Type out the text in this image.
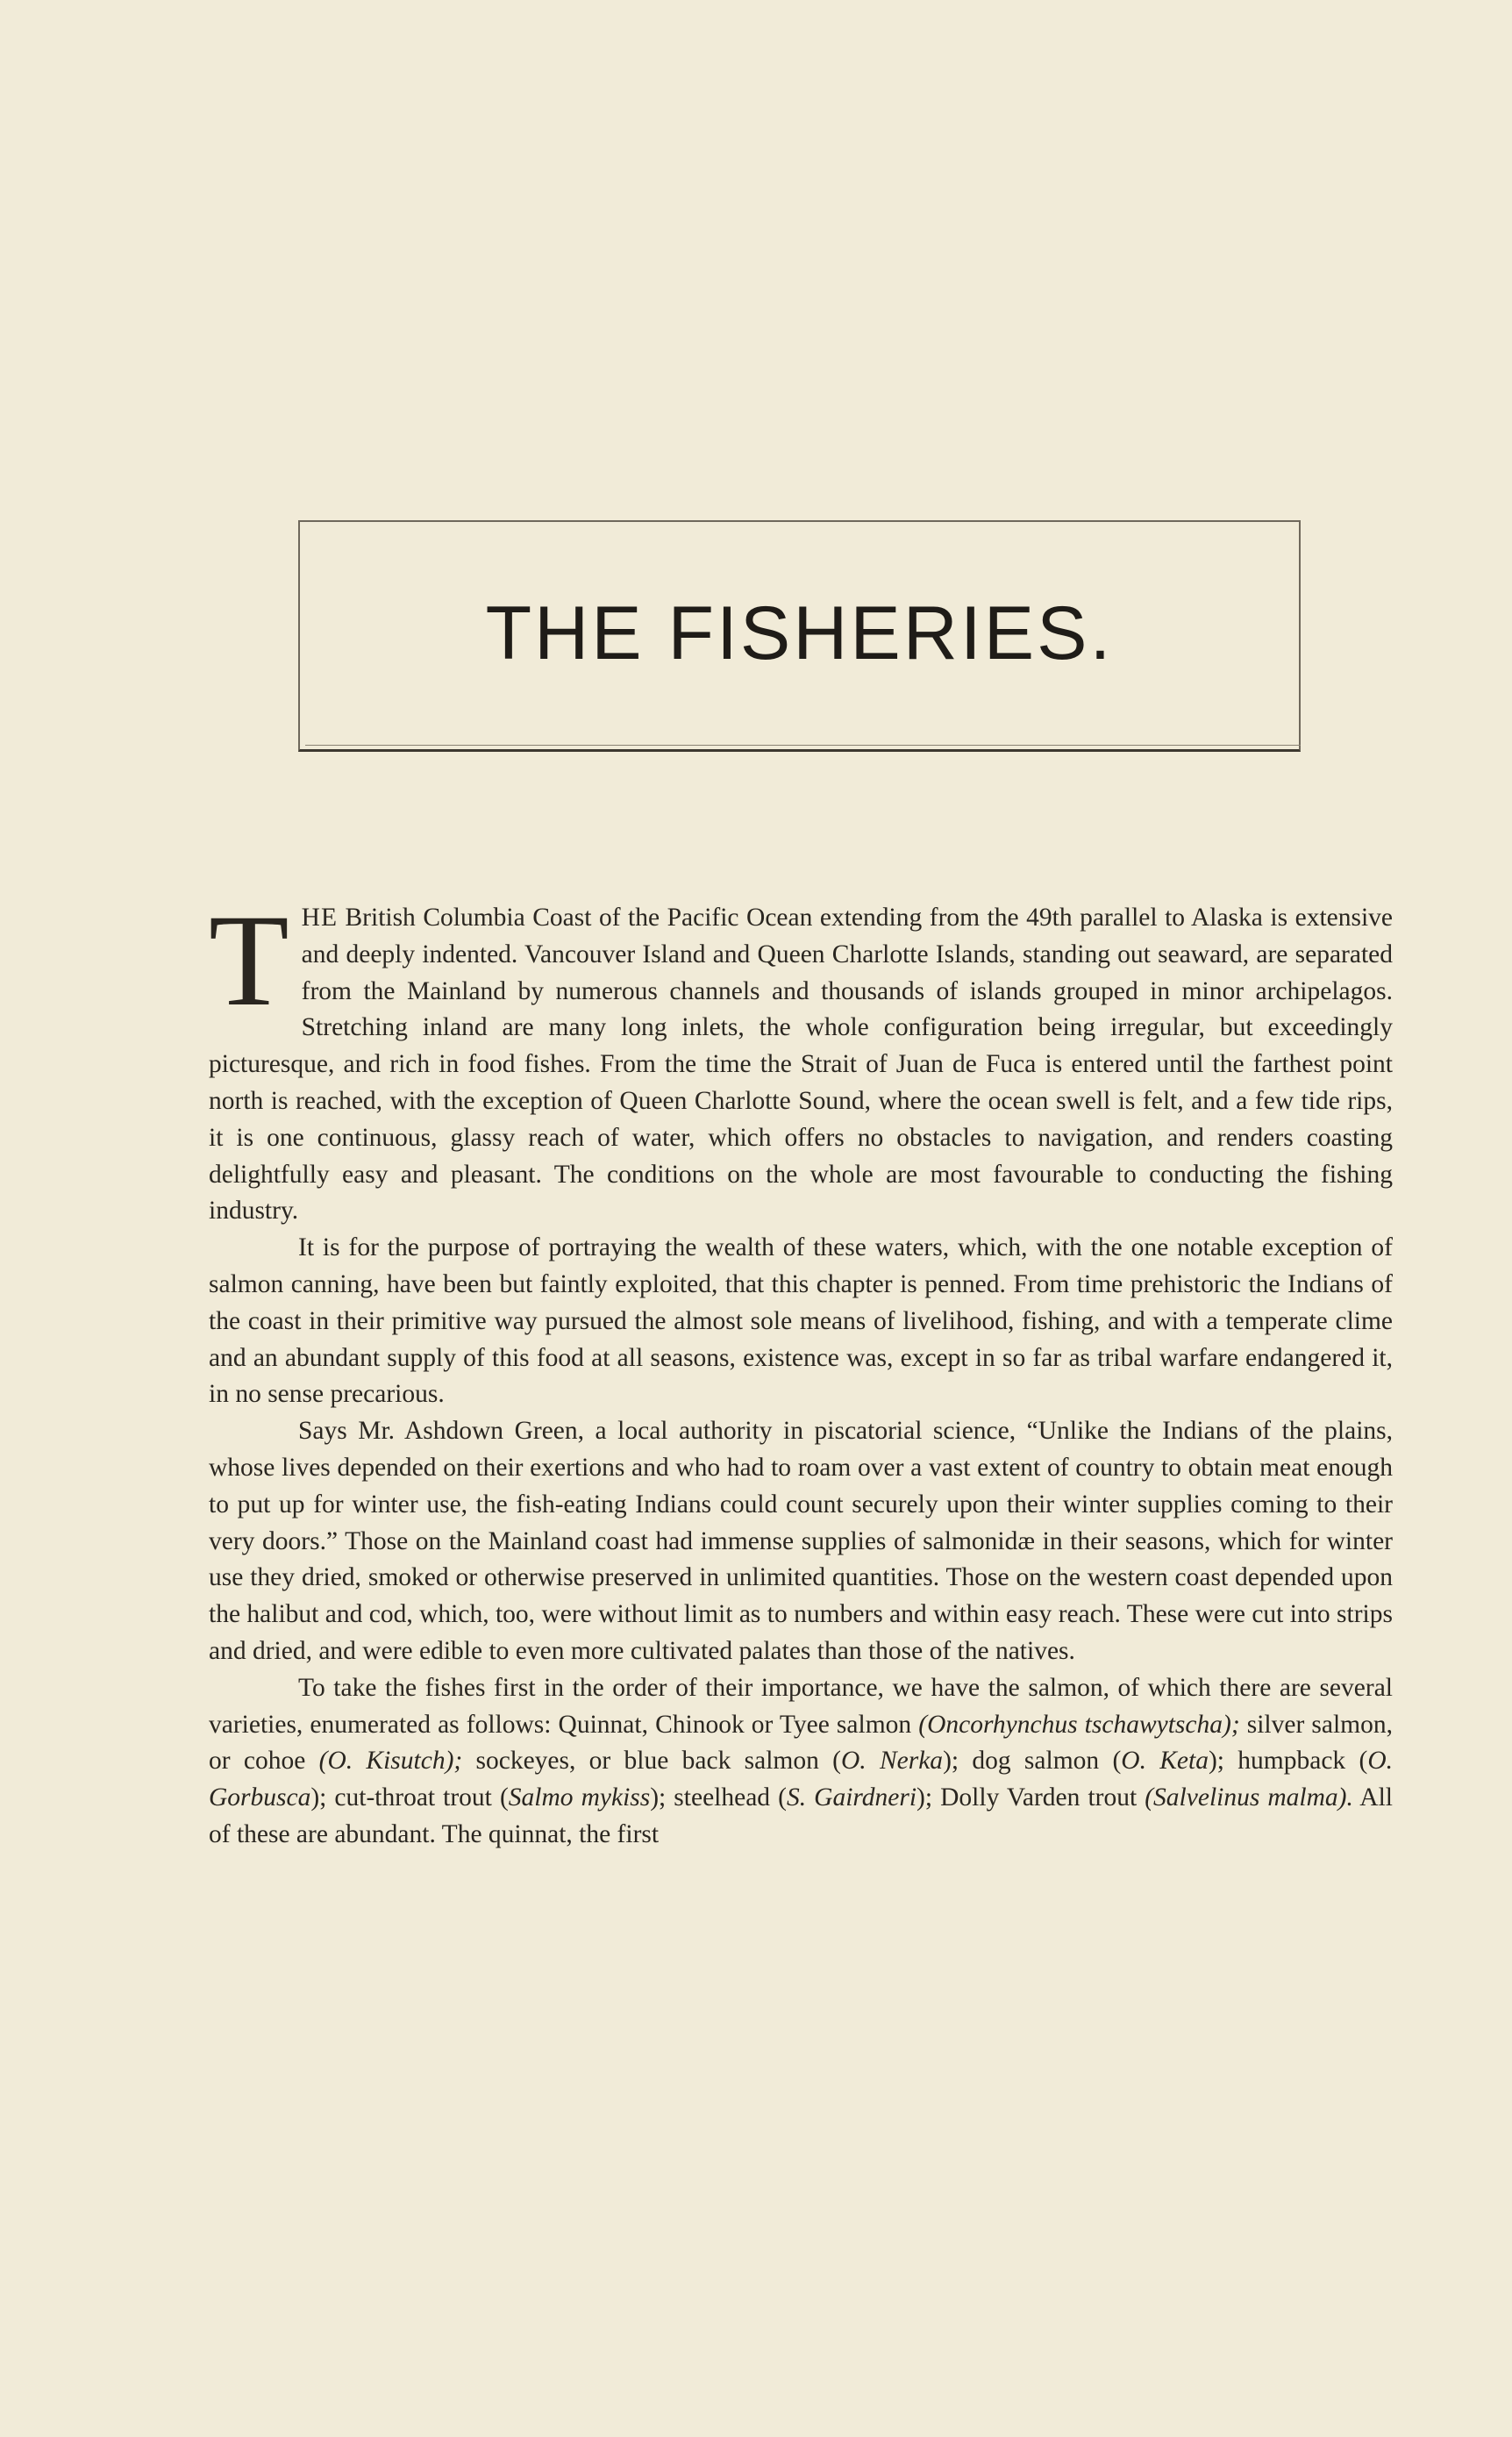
THE FISHERIES.

THE British Columbia Coast of the Pacific Ocean extending from the 49th parallel to Alaska is extensive and deeply indented. Vancouver Island and Queen Charlotte Islands, standing out seaward, are separated from the Mainland by numerous channels and thousands of islands grouped in minor archipelagos. Stretching inland are many long inlets, the whole configuration being irregular, but exceedingly picturesque, and rich in food fishes. From the time the Strait of Juan de Fuca is entered until the farthest point north is reached, with the exception of Queen Charlotte Sound, where the ocean swell is felt, and a few tide rips, it is one continuous, glassy reach of water, which offers no obstacles to navigation, and renders coasting delightfully easy and pleasant. The conditions on the whole are most favourable to conducting the fishing industry.

It is for the purpose of portraying the wealth of these waters, which, with the one notable exception of salmon canning, have been but faintly exploited, that this chapter is penned. From time prehistoric the Indians of the coast in their primitive way pursued the almost sole means of livelihood, fishing, and with a temperate clime and an abundant supply of this food at all seasons, existence was, except in so far as tribal warfare endangered it, in no sense precarious.

Says Mr. Ashdown Green, a local authority in piscatorial science, “Unlike the Indians of the plains, whose lives depended on their exertions and who had to roam over a vast extent of country to obtain meat enough to put up for winter use, the fish-eating Indians could count securely upon their winter supplies coming to their very doors.” Those on the Mainland coast had immense supplies of salmonidæ in their seasons, which for winter use they dried, smoked or otherwise preserved in unlimited quantities. Those on the western coast depended upon the halibut and cod, which, too, were without limit as to numbers and within easy reach. These were cut into strips and dried, and were edible to even more cultivated palates than those of the natives.

To take the fishes first in the order of their importance, we have the salmon, of which there are several varieties, enumerated as follows: Quinnat, Chinook or Tyee salmon (Oncorhynchus tschawytscha); silver salmon, or cohoe (O. Kisutch); sockeyes, or blue back salmon (O. Nerka); dog salmon (O. Keta); humpback (O. Gorbusca); cut-throat trout (Salmo mykiss); steelhead (S. Gairdneri); Dolly Varden trout (Salvelinus malma). All of these are abundant. The quinnat, the first
